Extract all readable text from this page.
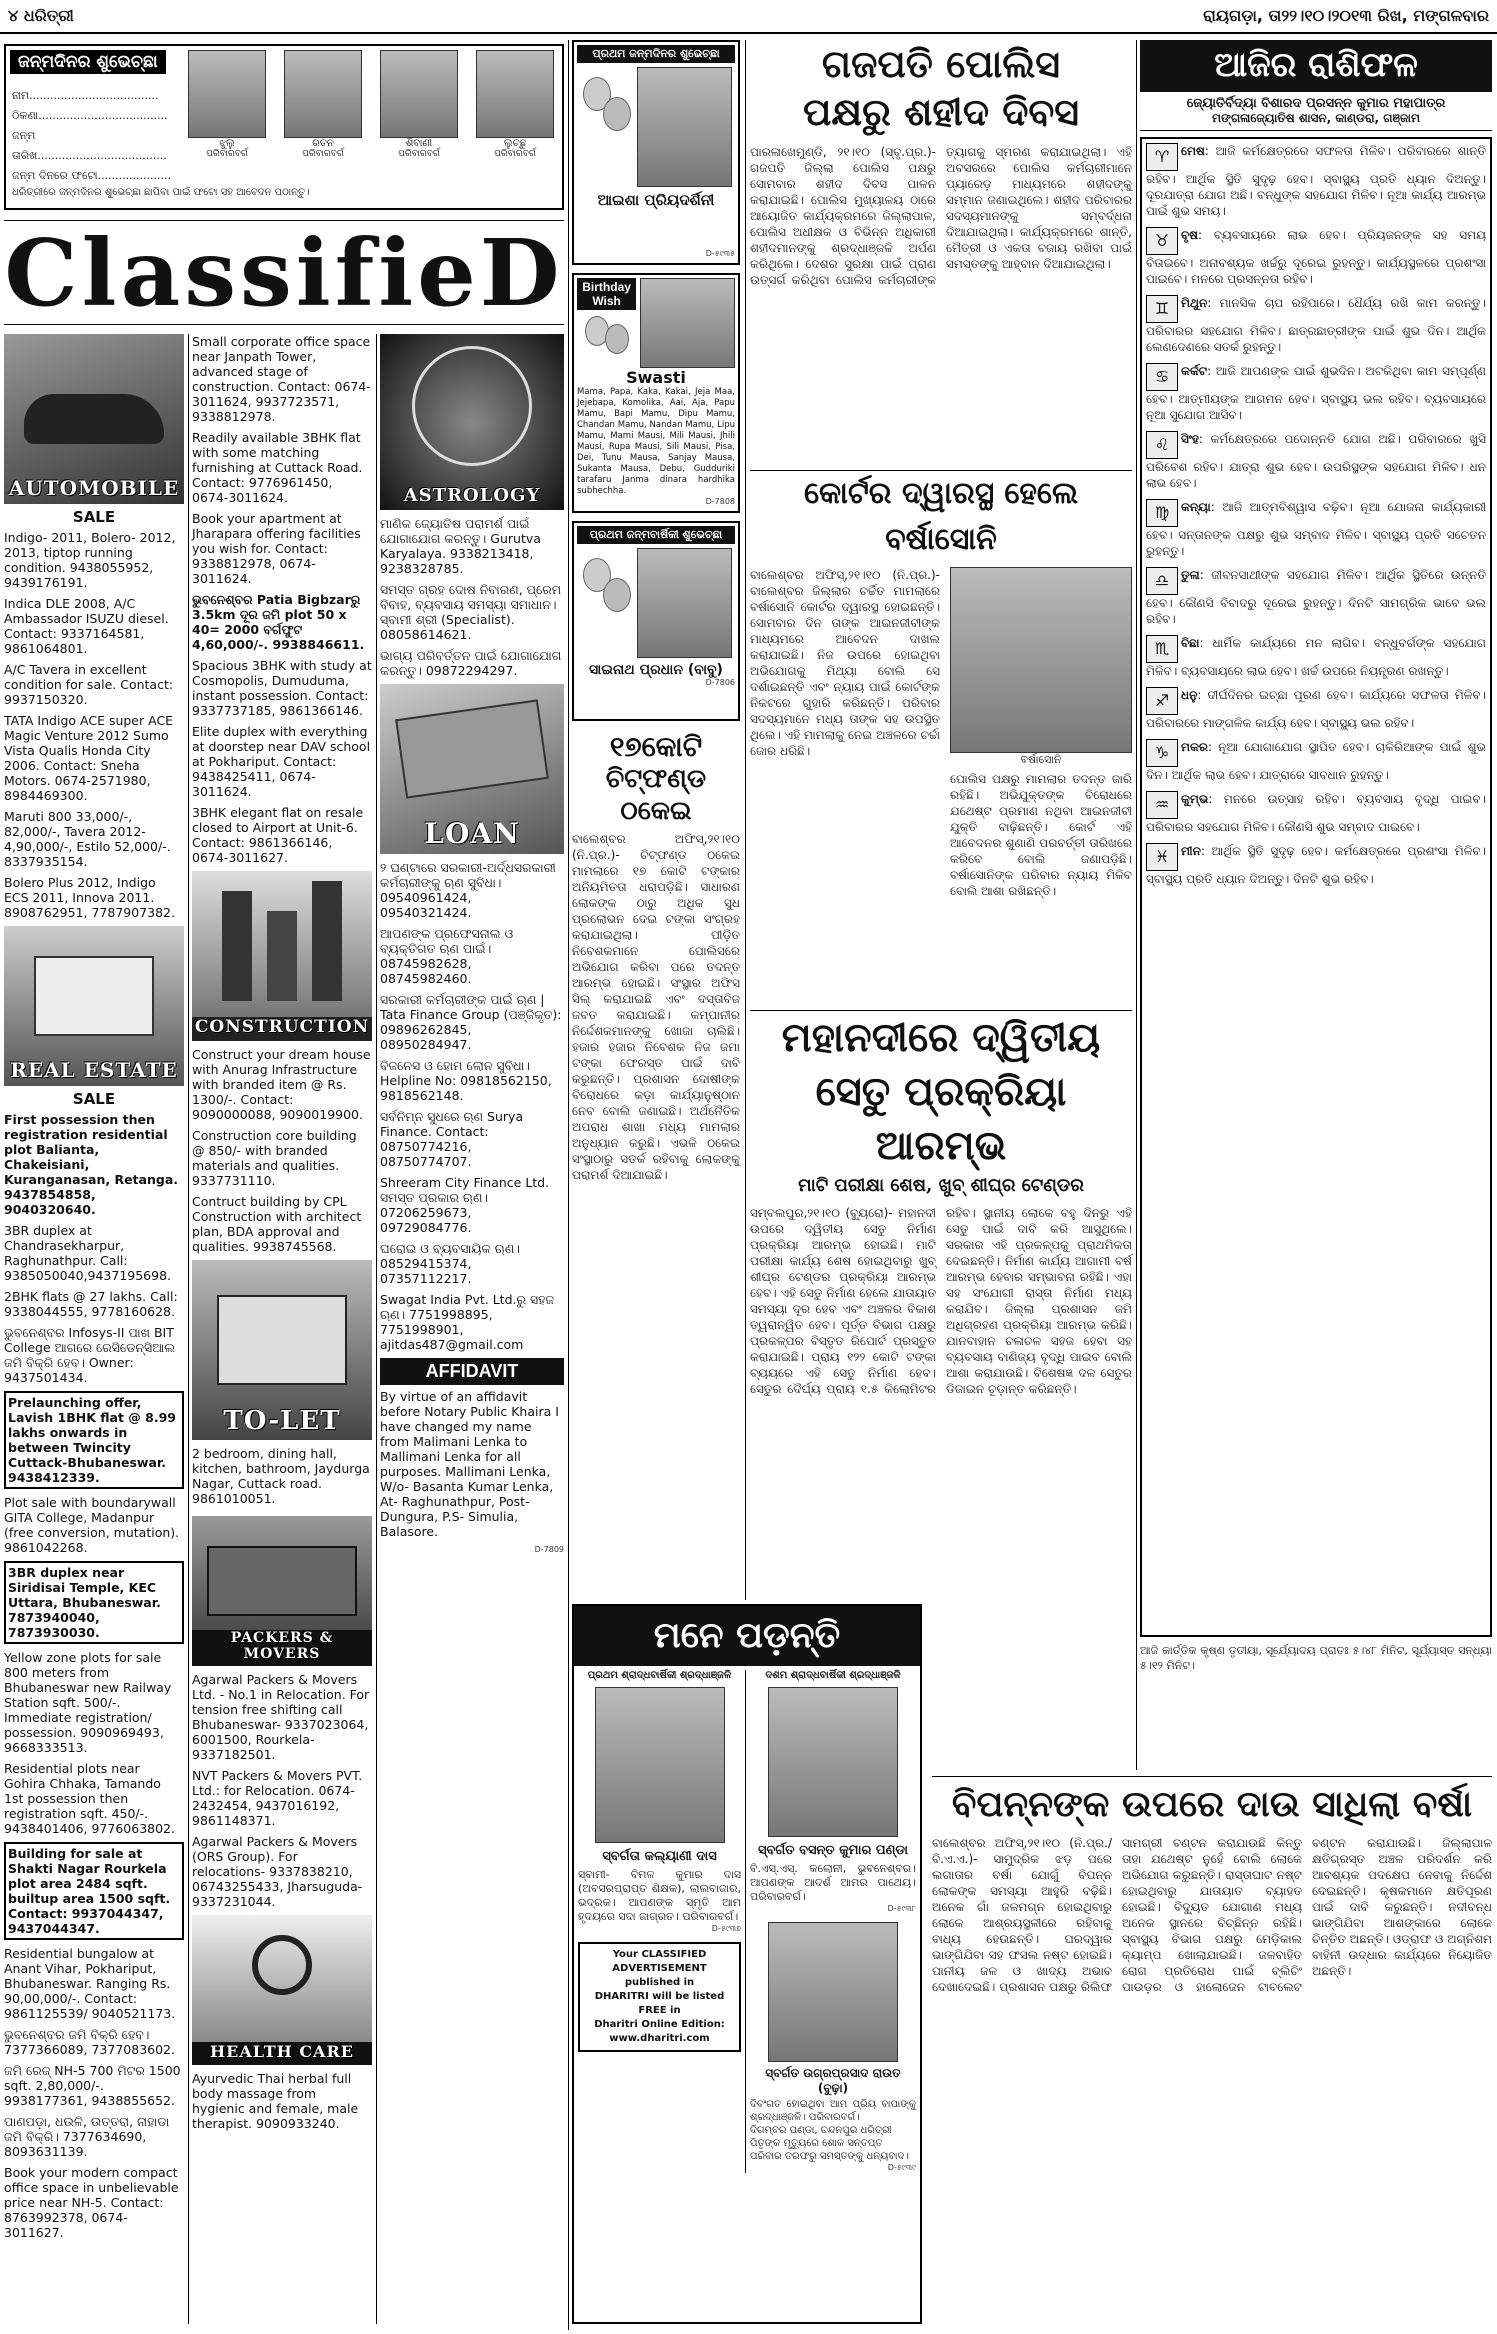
୪ ଧରିତ୍ରୀ	ରାୟଗଡ଼ା, ତା୨୨।୧୦।୨୦୧୩ ରିଖ, ମଙ୍ଗଳବାର
ଜନ୍ମଦିନର ଶୁଭେଚ୍ଛା
ନାମ.....................................
ଠିକଣା.....................................
ଜନ୍ମ ତାରିଖ.....................................
ଜନ୍ମ ଦିନରେ ଫଟୋ.....................
ଝୁଲୁ
ପରିବାରବର୍ଗ
ରତନ
ପରିବାରବର୍ଗ
ଶିବାଣୀ
ପରିବାରବର୍ଗ
ଲୁଚ୍ଛୁ
ପରିବାରବର୍ଗ
ଧରିତ୍ରୀରେ ଜନ୍ମଦିନର ଶୁଭେଚ୍ଛା ଛାପିବା ପାଇଁ ଫଟୋ ସହ ଆବେଦନ ପଠାନ୍ତୁ।
ClassifieD
AUTOMOBILE
SALE
Indigo- 2011, Bolero- 2012, 2013, tiptop running condition. 9438055952, 9439176191.
Indica DLE 2008, A/C Ambassador ISUZU diesel. Contact: 9337164581, 9861064801.
A/C Tavera in excellent condition for sale. Contact: 9937150320.
TATA Indigo ACE super ACE Magic Venture 2012 Sumo Vista Qualis Honda City 2006. Contact: Sneha Motors. 0674-2571980, 8984469300.
Maruti 800 33,000/-, 82,000/-, Tavera 2012- 4,90,000/-, Estilo 52,000/-. 8337935154.
Bolero Plus 2012, Indigo ECS 2011, Innova 2011. 8908762951, 7787907382.
REAL ESTATE
SALE
First possession then registration residential plot Balianta, Chakeisiani, Kuranganasan, Retanga. 9437854858, 9040320640.
3BR duplex at Chandrasekharpur, Raghunathpur. Call: 9385050040,9437195698.
2BHK flats @ 27 lakhs. Call: 9338044555, 9778160628.
ଭୁବନେଶ୍ବର Infosys-II ପାଖ BIT College ଆଗରେ ରେସିଡେନ୍ସିଆଲ ଜମି ବିକ୍ରି ହେବ। Owner: 9437501434.
Prelaunching offer, Lavish 1BHK flat @ 8.99 lakhs onwards in between Twincity Cuttack-Bhubaneswar. 9438412339.
Plot sale with boundarywall GITA College, Madanpur (free conversion, mutation). 9861042268.
3BR duplex near Siridisai Temple, KEC Uttara, Bhubaneswar. 7873940040, 7873930030.
Yellow zone plots for sale 800 meters from Bhubaneswar new Railway Station sqft. 500/-. Immediate registration/ possession. 9090969493, 9668333513.
Residential plots near Gohira Chhaka, Tamando 1st possession then registration sqft. 450/-. 9438401406, 9776063802.
Building for sale at Shakti Nagar Rourkela plot area 2484 sqft. builtup area 1500 sqft. Contact: 9937044347, 9437044347.
Residential bungalow at Anant Vihar, Pokhariput, Bhubaneswar. Ranging Rs. 90,00,000/-. Contact: 9861125539/ 9040521173.
ଭୁବନେଶ୍ବର ଜମି ବିକ୍ରି ହେବ। 7377366089, 7377083602.
ଜମି ରେଜ୍ NH-5 700 ମିଟର 1500 sqft. 2,80,000/-. 9938177361, 9438855652.
ପାଣପଡ଼ା, ଧଉଳି, ଉତ୍ତରା, ନାହାଡା ଜମି ବିକ୍ରି। 7377634690, 8093631139.
Book your modern compact office space in unbelievable price near NH-5. Contact: 8763992378, 0674-3011627.
Small corporate office space near Janpath Tower, advanced stage of construction. Contact: 0674-3011624, 9937723571, 9338812978.
Readily available 3BHK flat with some matching furnishing at Cuttack Road. Contact: 9776961450, 0674-3011624.
Book your apartment at Jharapara offering facilities you wish for. Contact: 9338812978, 0674-3011624.
ଭୁବନେଶ୍ବର Patia Bigbzarରୁ 3.5km ଦୂର ଜମି plot 50 x 40= 2000 ବର୍ଗଫୁଟ 4,60,000/-. 9938846611.
Spacious 3BHK with study at Cosmopolis, Dumuduma, instant possession. Contact: 9337737185, 9861366146.
Elite duplex with everything at doorstep near DAV school at Pokhariput. Contact: 9438425411, 0674-3011624.
3BHK elegant flat on resale closed to Airport at Unit-6. Contact: 9861366146, 0674-3011627.
CONSTRUCTION
Construct your dream house with Anurag Infrastructure with branded item @ Rs. 1300/-. Contact: 9090000088, 9090019900.
Construction core building @ 850/- with branded materials and qualities. 9337731110.
Contruct building by CPL Construction with architect plan, BDA approval and qualities. 9938745568.
TO-LET
2 bedroom, dining hall, kitchen, bathroom, Jaydurga Nagar, Cuttack road. 9861010051.
PACKERS & MOVERS
Agarwal Packers & Movers Ltd. - No.1 in Relocation. For tension free shifting call Bhubaneswar- 9337023064, 6001500, Rourkela- 9337182501.
NVT Packers & Movers PVT. Ltd.: for Relocation. 0674-2432454, 9437016192, 9861148371.
Agarwal Packers & Movers (ORS Group). For relocations- 9337838210, 06743255433, Jharsuguda-9337231044.
HEALTH CARE
Ayurvedic Thai herbal full body massage from hygienic and female, male therapist. 9090933240.
ASTROLOGY
ମାଣିକ ଜ୍ୟୋତିଷ ପରାମର୍ଶ ପାଇଁ ଯୋଗାଯୋଗ କରନ୍ତୁ। Gurutva Karyalaya. 9338213418, 9238328785.
ସମସ୍ତ ଗ୍ରହ ଦୋଷ ନିବାରଣ, ପ୍ରେମ ବିବାହ, ବ୍ୟବସାୟ ସମସ୍ୟା ସମାଧାନ। ସ୍ବାମୀ ଶ୍ରୀ (Specialist). 08058614621.
ଭାଗ୍ୟ ପରିବର୍ତ୍ତନ ପାଇଁ ଯୋଗାଯୋଗ କରନ୍ତୁ। 09872294297.
LOAN
୨ ଘଣ୍ଟାରେ ସରକାରୀ-ଅର୍ଦ୍ଧସରକାରୀ କର୍ମଚାରୀଙ୍କୁ ଋଣ ସୁବିଧା। 09540961424, 09540321424.
ଆପଣଙ୍କ ପ୍ରଫେସନାଲ ଓ ବ୍ୟକ୍ତିଗତ ଋଣ ପାଇଁ। 08745982628, 08745982460.
ସରକାରୀ କର୍ମଚାରୀଙ୍କ ପାଇଁ ଋଣ | Tata Finance Group (ପଞ୍ଜିକୃତ): 09896262845, 08950284947.
ବିଜନେସ ଓ ହୋମ ଲୋନ ସୁବିଧା। Helpline No: 09818562150, 9818562148.
ସର୍ବନିମ୍ନ ସୁଧରେ ଋଣ Surya Finance. Contact: 08750774216, 08750774707.
Shreeram City Finance Ltd. ସମସ୍ତ ପ୍ରକାର ଋଣ। 07206259673, 09729084776.
ଘରୋଇ ଓ ବ୍ୟବସାୟିକ ଋଣ। 08529415374, 07357112217.
Swagat India Pvt. Ltd.ରୁ ସହଜ ଋଣ। 7751998895, 7751998901, ajitdas487@gmail.com
AFFIDAVIT
By virtue of an affidavit before Notary Public Khaira I have changed my name from Malimani Lenka to Mallimani Lenka for all purposes. Mallimani Lenka, W/o- Basanta Kumar Lenka, At- Raghunathpur, Post- Dungura, P.S- Simulia, Balasore.
D-7809
ପ୍ରଥମ ଜନ୍ମଦିନର ଶୁଭେଚ୍ଛା
ଆଇଶା ପ୍ରିୟଦର୍ଶିନୀ
D-୫୯୩୫
Birthday Wish
Swasti
Mama, Papa, Kaka, Kakai, Jeja Maa, Jejebapa, Komolika, Aai, Aja, Papu Mamu, Bapi Mamu, Dipu Mamu, Chandan Mamu, Nandan Mamu, Lipu Mamu, Mami Mausi, Mili Mausi, Jhili Mausi, Rupa Mausi, Sili Mausi, Pisa, Dei, Tunu Mausa, Sanjay Mausa, Sukanta Mausa, Debu, Gudduriki tarafaru Janma dinara hardhika subhechha.
D-7808
ପ୍ରଥମ ଜନ୍ମବାର୍ଷିକୀ ଶୁଭେଚ୍ଛା
ସାଇନାଥ ପ୍ରଧାନ (ବାବୁ)
D-7806
୧୭କୋଟି
ଚିଟ୍‌ଫଣ୍ଡ ଠକେଇ
ବାଲେଶ୍ବର ଅଫିସ୍,୨୧।୧୦ (ନି.ପ୍ର.)- ଚିଟ୍‌ଫଣ୍ଡ ଠକେଇ ମାମଲାରେ ୧୭ କୋଟି ଟଙ୍କାର ଅନିୟମିତତା ଧରାପଡ଼ିଛି। ସାଧାରଣ ଲୋକଙ୍କ ଠାରୁ ଅଧିକ ସୁଧ ପ୍ରଲୋଭନ ଦେଇ ଟଙ୍କା ସଂଗ୍ରହ କରାଯାଇଥିଲା। ପୀଡ଼ିତ ନିବେଶକମାନେ ପୋଲିସରେ ଅଭିଯୋଗ କରିବା ପରେ ତଦନ୍ତ ଆରମ୍ଭ ହୋଇଛି। ସଂସ୍ଥାର ଅଫିସ ସିଲ୍ କରାଯାଇଛି ଏବଂ ଦସ୍ତାବିଜ ଜବତ କରାଯାଇଛି। କମ୍ପାନୀର ନିର୍ଦ୍ଦେଶକମାନଙ୍କୁ ଖୋଜା ଚାଲିଛି। ହଜାର ହଜାର ନିବେଶକ ନିଜ ଜମା ଟଙ୍କା ଫେରସ୍ତ ପାଇଁ ଦାବି କରୁଛନ୍ତି। ପ୍ରଶାସନ ଦୋଷୀଙ୍କ ବିରୋଧରେ କଡ଼ା କାର୍ଯ୍ୟାନୁଷ୍ଠାନ ନେବ ବୋଲି ଜଣାଇଛି। ଅର୍ଥନୈତିକ ଅପରାଧ ଶାଖା ମଧ୍ୟ ମାମଲାର ଅନୁଧ୍ୟାନ କରୁଛି। ଏଭଳି ଠକେଇ ସଂସ୍ଥାଠାରୁ ସତର୍କ ରହିବାକୁ ଲୋକଙ୍କୁ ପରାମର୍ଶ ଦିଆଯାଇଛି।
ଗଜପତି ପୋଲିସ
ପକ୍ଷରୁ ଶହୀଦ ଦିବସ
ପାରଳାଖେମୁଣ୍ଡି, ୨୧।୧୦ (ସ୍ବୃ.ପ୍ର.)- ଗଜପତି ଜିଲ୍ଲା ପୋଲିସ ପକ୍ଷରୁ ସୋମବାର ଶହୀଦ ଦିବସ ପାଳନ କରାଯାଇଛି। ପୋଲିସ ମୁଖ୍ୟାଳୟ ଠାରେ ଆୟୋଜିତ କାର୍ଯ୍ୟକ୍ରମରେ ଜିଲ୍ଲାପାଳ, ପୋଲିସ ଅଧୀକ୍ଷକ ଓ ବିଭିନ୍ନ ଅଧିକାରୀ ଶହୀଦମାନଙ୍କୁ ଶ୍ରଦ୍ଧାଞ୍ଜଳି ଅର୍ପଣ କରିଥିଲେ। ଦେଶର ସୁରକ୍ଷା ପାଇଁ ପ୍ରାଣ ଉତ୍ସର୍ଗ କରିଥିବା ପୋଲିସ କର୍ମଚାରୀଙ୍କ ତ୍ୟାଗକୁ ସ୍ମରଣ କରାଯାଇଥିଲା। ଏହି ଅବସରରେ ପୋଲିସ କର୍ମଚାରୀମାନେ ପ୍ୟାରେଡ଼ ମାଧ୍ୟମରେ ଶହୀଦଙ୍କୁ ସମ୍ମାନ ଜଣାଇଥିଲେ। ଶହୀଦ ପରିବାରର ସଦସ୍ୟମାନଙ୍କୁ ସମ୍ବର୍ଦ୍ଧନା ଦିଆଯାଇଥିଲା। କାର୍ଯ୍ୟକ୍ରମରେ ଶାନ୍ତି, ମୈତ୍ରୀ ଓ ଏକତା ବଜାୟ ରଖିବା ପାଇଁ ସମସ୍ତଙ୍କୁ ଆହ୍ବାନ ଦିଆଯାଇଥିଲା।
କୋର୍ଟର ଦ୍ୱାରସ୍ଥ ହେଲେ ବର୍ଷାସୋନି
ବାଲେଶ୍ବର ଅଫିସ୍,୨୧।୧୦ (ନି.ପ୍ର.)- ବାଲେଶ୍ବର ଜିଲ୍ଲାର ଚର୍ଚ୍ଚିତ ମାମଲାରେ ବର୍ଷାସୋନି କୋର୍ଟର ଦ୍ୱାରସ୍ଥ ହୋଇଛନ୍ତି। ସୋମବାର ଦିନ ତାଙ୍କ ଆଇନଜୀବୀଙ୍କ ମାଧ୍ୟମରେ ଆବେଦନ ଦାଖଲ କରାଯାଇଛି। ନିଜ ଉପରେ ହୋଇଥିବା ଅଭିଯୋଗକୁ ମିଥ୍ୟା ବୋଲି ସେ ଦର୍ଶାଇଛନ୍ତି ଏବଂ ନ୍ୟାୟ ପାଇଁ କୋର୍ଟଙ୍କ ନିକଟରେ ଗୁହାରି କରିଛନ୍ତି। ପରିବାର ସଦସ୍ୟମାନେ ମଧ୍ୟ ତାଙ୍କ ସହ ଉପସ୍ଥିତ ଥିଲେ। ଏହି ମାମଲାକୁ ନେଇ ଅଞ୍ଚଳରେ ଚର୍ଚ୍ଚା ଜୋର ଧରିଛି।
ବର୍ଷାସୋନି
ପୋଲିସ ପକ୍ଷରୁ ମାମଲାର ତଦନ୍ତ ଜାରି ରହିଛି। ଅଭିଯୁକ୍ତଙ୍କ ବିରୋଧରେ ଯଥେଷ୍ଟ ପ୍ରମାଣ ନଥିବା ଆଇନଜୀବୀ ଯୁକ୍ତି ବାଢ଼ିଛନ୍ତି। କୋର୍ଟ ଏହି ଆବେଦନର ଶୁଣାଣି ପରବର୍ତ୍ତୀ ତାରିଖରେ କରିବେ ବୋଲି ଜଣାପଡ଼ିଛି। ବର୍ଷାସୋନିଙ୍କ ପରିବାର ନ୍ୟାୟ ମିଳିବ ବୋଲି ଆଶା ରଖିଛନ୍ତି।
ମହାନଦୀରେ ଦ୍ୱିତୀୟ
ସେତୁ ପ୍ରକ୍ରିୟା ଆରମ୍ଭ
ମାଟି ପରୀକ୍ଷା ଶେଷ, ଖୁବ୍ ଶୀଘ୍ର ଟେଣ୍ଡର
ସମ୍ବଲପୁର,୨୧।୧୦ (ବ୍ୟୁରୋ)- ମହାନଦୀ ଉପରେ ଦ୍ୱିତୀୟ ସେତୁ ନିର୍ମାଣ ପ୍ରକ୍ରିୟା ଆରମ୍ଭ ହୋଇଛି। ମାଟି ପରୀକ୍ଷା କାର୍ଯ୍ୟ ଶେଷ ହୋଇଥିବାରୁ ଖୁବ୍ ଶୀଘ୍ର ଟେଣ୍ଡର ପ୍ରକ୍ରିୟା ଆରମ୍ଭ ହେବ। ଏହି ସେତୁ ନିର୍ମାଣ ହେଲେ ଯାତାୟାତ ସମସ୍ୟା ଦୂର ହେବ ଏବଂ ଅଞ୍ଚଳର ବିକାଶ ତ୍ୱରାନ୍ୱିତ ହେବ। ପୂର୍ତ୍ତ ବିଭାଗ ପକ୍ଷରୁ ପ୍ରକଳ୍ପର ବିସ୍ତୃତ ରିପୋର୍ଟ ପ୍ରସ୍ତୁତ କରାଯାଇଛି। ପ୍ରାୟ ୧୨୨ କୋଟି ଟଙ୍କା ବ୍ୟୟରେ ଏହି ସେତୁ ନିର୍ମାଣ ହେବ। ସେତୁର ଦୈର୍ଘ୍ୟ ପ୍ରାୟ ୧.୫ କିଲୋମିଟର ରହିବ। ସ୍ଥାନୀୟ ଲୋକେ ବହୁ ଦିନରୁ ଏହି ସେତୁ ପାଇଁ ଦାବି କରି ଆସୁଥିଲେ। ସରକାର ଏହି ପ୍ରକଳ୍ପକୁ ପ୍ରାଥମିକତା ଦେଇଛନ୍ତି। ନିର୍ମାଣ କାର୍ଯ୍ୟ ଆଗାମୀ ବର୍ଷ ଆରମ୍ଭ ହେବାର ସମ୍ଭାବନା ରହିଛି। ଏହା ସହ ସଂଯୋଗୀ ରାସ୍ତା ନିର୍ମାଣ ମଧ୍ୟ କରାଯିବ। ଜିଲ୍ଲା ପ୍ରଶାସନ ଜମି ଅଧିଗ୍ରହଣ ପ୍ରକ୍ରିୟା ଆରମ୍ଭ କରିଛି। ଯାନବାହାନ ଚଳାଚଳ ସହଜ ହେବା ସହ ବ୍ୟବସାୟ ବାଣିଜ୍ୟ ବୃଦ୍ଧି ପାଇବ ବୋଲି ଆଶା କରାଯାଉଛି। ବିଶେଷଜ୍ଞ ଦଳ ସେତୁର ଡିଜାଇନ ଚୂଡ଼ାନ୍ତ କରିଛନ୍ତି।
ମନେ ପଡ଼ନ୍ତି
ପ୍ରଥମ ଶ୍ରାଦ୍ଧବାର୍ଷିକୀ ଶ୍ରଦ୍ଧାଞ୍ଜଳି
ସ୍ବର୍ଗତା କଲ୍ୟାଣୀ ଦାସ
ସ୍ବାମୀ- ବିମଳ କୁମାର ଦାସ (ଅବସରପ୍ରାପ୍ତ ଶିକ୍ଷକ), ଲାଲବାଜାର, ଭଦ୍ରକ। ଆପଣଙ୍କ ସ୍ମୃତି ଆମ ହୃଦୟରେ ସଦା ଜାଗ୍ରତ। ପରିବାରବର୍ଗ।
D-୫୯୩୭
Your CLASSIFIED
ADVERTISEMENT published in
DHARITRI will be listed FREE in
Dharitri Online Edition:
www.dharitri.com
ଦଶମ ଶ୍ରାଦ୍ଧବାର୍ଷିକୀ ଶ୍ରଦ୍ଧାଞ୍ଜଳି
ସ୍ବର୍ଗତ ବସନ୍ତ କୁମାର ପଣ୍ଡା
ବି.ଏସ୍.ଏସ୍. କଲୋନୀ, ଭୁବନେଶ୍ବର। ଆପଣଙ୍କ ଆଦର୍ଶ ଆମର ପାଥେୟ। ପରିବାରବର୍ଗ।
D-୫୯୩୮
ସ୍ବର୍ଗତ ଉଗ୍ରପ୍ରସାଦ ରାଉତ (ବୁଢ଼ା)
ଦିବଂଗତ ହୋଇଥିବା ଆମ ପ୍ରିୟ ବାପାଙ୍କୁ ଶ୍ରଦ୍ଧାଞ୍ଜଳି। ପରିବାରବର୍ଗ।
ଦିଗମ୍ବର ପଣ୍ଡା, ଚନ୍ଦନପୁର ଧରିତ୍ରୀ
ପିତୃଙ୍କ ମୃତ୍ୟୁରେ ଶୋକ ସନ୍ତପ୍ତ ପରିବାର ତରଫରୁ ସମସ୍ତଙ୍କୁ ଧନ୍ୟବାଦ।
D-୫୯୩୯
ବିପନ୍ନଙ୍କ ଉପରେ ଦାଉ ସାଧିଲା ବର୍ଷା
ବାଲେଶ୍ବର ଅଫିସ୍,୨୧।୧୦ (ନି.ପ୍ର./ବି.ଏ.ଏ.)- ସାମୁଦ୍ରିକ ଝଡ଼ ପରେ ଲଗାତାର ବର୍ଷା ଯୋଗୁଁ ବିପନ୍ନ ଲୋକଙ୍କ ସମସ୍ୟା ଆହୁରି ବଢ଼ିଛି। ଅନେକ ଗାଁ ଜଳମଗ୍ନ ହୋଇଥିବାରୁ ଲୋକେ ଆଶ୍ରୟସ୍ଥଳୀରେ ରହିବାକୁ ବାଧ୍ୟ ହେଉଛନ୍ତି। ଘରଦ୍ୱାର ଭାଙ୍ଗିଯିବା ସହ ଫସଲ ନଷ୍ଟ ହୋଇଛି। ପାନୀୟ ଜଳ ଓ ଖାଦ୍ୟ ଅଭାବ ଦେଖାଦେଇଛି। ପ୍ରଶାସନ ପକ୍ଷରୁ ରିଲିଫ ସାମଗ୍ରୀ ବଣ୍ଟନ କରାଯାଉଛି କିନ୍ତୁ ତାହା ଯଥେଷ୍ଟ ନୁହେଁ ବୋଲି ଲୋକେ ଅଭିଯୋଗ କରୁଛନ୍ତି। ରାସ୍ତାଘାଟ ନଷ୍ଟ ହୋଇଥିବାରୁ ଯାତାୟାତ ବ୍ୟାହତ ହୋଇଛି। ବିଦ୍ୟୁତ ଯୋଗାଣ ମଧ୍ୟ ଅନେକ ସ୍ଥାନରେ ବିଚ୍ଛିନ୍ନ ରହିଛି। ସ୍ବାସ୍ଥ୍ୟ ବିଭାଗ ପକ୍ଷରୁ ମେଡ଼ିକାଲ କ୍ୟାମ୍ପ ଖୋଲାଯାଇଛି। ଜଳବାହିତ ରୋଗ ପ୍ରତିରୋଧ ପାଇଁ ବ୍ଲିଚିଂ ପାଉଡ଼ର ଓ ହାଲୋଜେନ ଟାବଲେଟ ବଣ୍ଟନ କରାଯାଉଛି। ଜିଲ୍ଲାପାଳ କ୍ଷତିଗ୍ରସ୍ତ ଅଞ୍ଚଳ ପରିଦର୍ଶନ କରି ଆବଶ୍ୟକ ପଦକ୍ଷେପ ନେବାକୁ ନିର୍ଦ୍ଦେଶ ଦେଇଛନ୍ତି। କୃଷକମାନେ କ୍ଷତିପୂରଣ ପାଇଁ ଦାବି କରୁଛନ୍ତି। ନଦୀବନ୍ଧ ଭାଙ୍ଗିଯିବା ଆଶଙ୍କାରେ ଲୋକେ ଚିନ୍ତିତ ଅଛନ୍ତି। ଓଡ୍ରାଫ ଓ ଅଗ୍ନିଶମ ବାହିନୀ ଉଦ୍ଧାର କାର୍ଯ୍ୟରେ ନିୟୋଜିତ ଅଛନ୍ତି।
ଆଜିର ରାଶିଫଳ
ଜ୍ୟୋତିର୍ବିଦ୍ୟା ବିଶାରଦ ପ୍ରସନ୍ନ କୁମାର ମହାପାତ୍ର
ମଙ୍ଗଳାଜ୍ୟୋତିଷ ଶାସନ, କାଣ୍ଡରା, ଗଞ୍ଜାମ
♈ ମେଷ: ଆଜି କର୍ମକ୍ଷେତ୍ରରେ ସଫଳତା ମିଳିବ। ପରିବାରରେ ଶାନ୍ତି ରହିବ। ଆର୍ଥିକ ସ୍ଥିତି ସୁଦୃଢ଼ ହେବ। ସ୍ବାସ୍ଥ୍ୟ ପ୍ରତି ଧ୍ୟାନ ଦିଅନ୍ତୁ। ଦୂରଯାତ୍ରା ଯୋଗ ଅଛି। ବନ୍ଧୁଙ୍କ ସହଯୋଗ ମିଳିବ। ନୂଆ କାର୍ଯ୍ୟ ଆରମ୍ଭ ପାଇଁ ଶୁଭ ସମୟ।
♉ ବୃଷ: ବ୍ୟବସାୟରେ ଲାଭ ହେବ। ପ୍ରିୟଜନଙ୍କ ସହ ସମୟ ବିତାଇବେ। ଅନାବଶ୍ୟକ ଖର୍ଚ୍ଚରୁ ଦୂରେଇ ରୁହନ୍ତୁ। କାର୍ଯ୍ୟସ୍ଥଳରେ ପ୍ରଶଂସା ପାଇବେ। ମନରେ ପ୍ରସନ୍ନତା ରହିବ।
♊ ମିଥୁନ: ମାନସିକ ଚାପ ରହିପାରେ। ଧୈର୍ଯ୍ୟ ରଖି କାମ କରନ୍ତୁ। ପରିବାରର ସହଯୋଗ ମିଳିବ। ଛାତ୍ରଛାତ୍ରୀଙ୍କ ପାଇଁ ଶୁଭ ଦିନ। ଆର୍ଥିକ ଲେଣଦେଣରେ ସତର୍କ ରୁହନ୍ତୁ।
♋ କର୍କଟ: ଆଜି ଆପଣଙ୍କ ପାଇଁ ଶୁଭଦିନ। ଅଟକିଥିବା କାମ ସମ୍ପୂର୍ଣ୍ଣ ହେବ। ଆତ୍ମୀୟଙ୍କ ଆଗମନ ହେବ। ସ୍ବାସ୍ଥ୍ୟ ଭଲ ରହିବ। ବ୍ୟବସାୟରେ ନୂଆ ସୁଯୋଗ ଆସିବ।
♌ ସିଂହ: କର୍ମକ୍ଷେତ୍ରରେ ପଦୋନ୍ନତି ଯୋଗ ଅଛି। ପରିବାରରେ ଖୁସି ପରିବେଶ ରହିବ। ଯାତ୍ରା ଶୁଭ ହେବ। ଉପରିସ୍ଥଙ୍କ ସହଯୋଗ ମିଳିବ। ଧନ ଲାଭ ହେବ।
♍ କନ୍ୟା: ଆଜି ଆତ୍ମବିଶ୍ୱାସ ବଢ଼ିବ। ନୂଆ ଯୋଜନା କାର୍ଯ୍ୟକାରୀ ହେବ। ସନ୍ତାନଙ୍କ ପକ୍ଷରୁ ଶୁଭ ସମ୍ବାଦ ମିଳିବ। ସ୍ବାସ୍ଥ୍ୟ ପ୍ରତି ସଚେତନ ରୁହନ୍ତୁ।
♎ ତୁଳା: ଜୀବନସାଥୀଙ୍କ ସହଯୋଗ ମିଳିବ। ଆର୍ଥିକ ସ୍ଥିତିରେ ଉନ୍ନତି ହେବ। କୌଣସି ବିବାଦରୁ ଦୂରେଇ ରୁହନ୍ତୁ। ଦିନଟି ସାମଗ୍ରିକ ଭାବେ ଭଲ ରହିବ।
♏ ବିଛା: ଧାର୍ମିକ କାର୍ଯ୍ୟରେ ମନ ଲାଗିବ। ବନ୍ଧୁବର୍ଗଙ୍କ ସହଯୋଗ ମିଳିବ। ବ୍ୟବସାୟରେ ଲାଭ ହେବ। ଖର୍ଚ୍ଚ ଉପରେ ନିୟନ୍ତ୍ରଣ ରଖନ୍ତୁ।
♐ ଧନୁ: ଦୀର୍ଘଦିନର ଇଚ୍ଛା ପୂରଣ ହେବ। କାର୍ଯ୍ୟରେ ସଫଳତା ମିଳିବ। ପରିବାରରେ ମାଙ୍ଗଳିକ କାର୍ଯ୍ୟ ହେବ। ସ୍ବାସ୍ଥ୍ୟ ଭଲ ରହିବ।
♑ ମକର: ନୂଆ ଯୋଗାଯୋଗ ସ୍ଥାପିତ ହେବ। ଚାକିରିଆଙ୍କ ପାଇଁ ଶୁଭ ଦିନ। ଆର୍ଥିକ ଲାଭ ହେବ। ଯାତ୍ରାରେ ସାବଧାନ ରୁହନ୍ତୁ।
♒ କୁମ୍ଭ: ମନରେ ଉତ୍ସାହ ରହିବ। ବ୍ୟବସାୟ ବୃଦ୍ଧି ପାଇବ। ପରିବାରର ସହଯୋଗ ମିଳିବ। କୌଣସି ଶୁଭ ସମ୍ବାଦ ପାଇବେ।
♓ ମୀନ: ଆର୍ଥିକ ସ୍ଥିତି ସୁଦୃଢ଼ ହେବ। କର୍ମକ୍ଷେତ୍ରରେ ପ୍ରଶଂସା ମିଳିବ। ସ୍ବାସ୍ଥ୍ୟ ପ୍ରତି ଧ୍ୟାନ ଦିଅନ୍ତୁ। ଦିନଟି ଶୁଭ ରହିବ।
ଆଜି କାର୍ତ୍ତିକ କୃଷ୍ଣ ତୃତୀୟା, ସୂର୍ଯ୍ୟୋଦୟ ପ୍ରାତଃ ୫।୪୮ ମିନିଟ, ସୂର୍ଯ୍ୟାସ୍ତ ସନ୍ଧ୍ୟା ୫।୧୨ ମିନିଟ।
